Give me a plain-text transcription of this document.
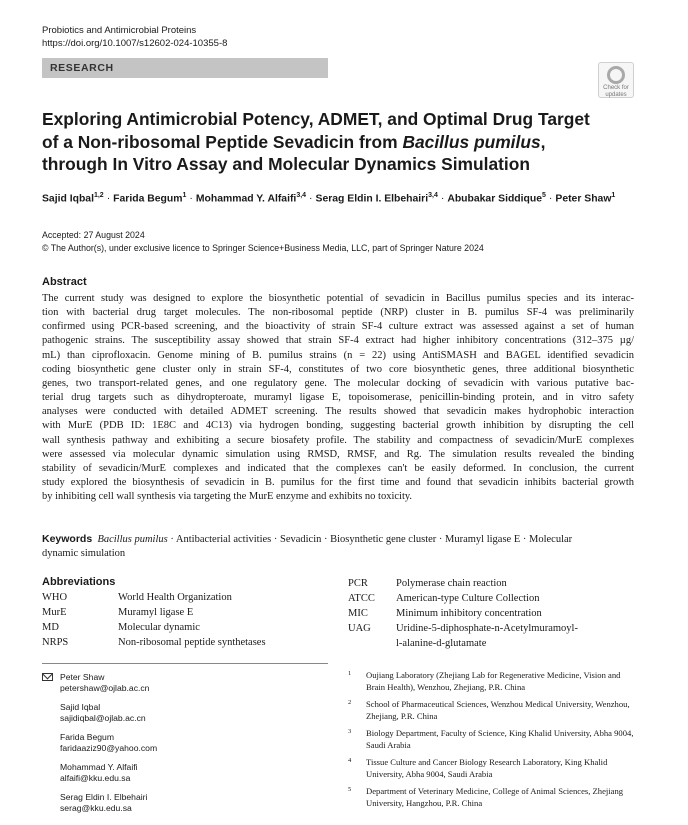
Probiotics and Antimicrobial Proteins
https://doi.org/10.1007/s12602-024-10355-8
RESEARCH
Check for updates
Exploring Antimicrobial Potency, ADMET, and Optimal Drug Target
of a Non-ribosomal Peptide Sevadicin from Bacillus pumilus,
through In Vitro Assay and Molecular Dynamics Simulation
Sajid Iqbal$^{1,2}$ · Farida Begum$^1$ · Mohammad Y. Alfaifi$^{3,4}$ · Serag Eldin I. Elbehairi$^{3,4}$ · Abubakar Siddique$^5$ · Peter Shaw$^1$
Accepted: 27 August 2024
© The Author(s), under exclusive licence to Springer Science+Business Media, LLC, part of Springer Nature 2024
Abstract
The current study was designed to explore the biosynthetic potential of sevadicin in Bacillus pumilus species and its interac-
tion with bacterial drug target molecules. The non-ribosomal peptide (NRP) cluster in B. pumilus SF-4 was preliminarily
confirmed using PCR-based screening, and the bioactivity of strain SF-4 culture extract was assessed against a set of human
pathogenic strains. The susceptibility assay showed that strain SF-4 extract had higher inhibitory concentrations (312–375 µg/
mL) than ciprofloxacin. Genome mining of B. pumilus strains (n = 22) using AntiSMASH and BAGEL identified sevadicin
coding biosynthetic gene cluster only in strain SF-4, constitutes of two core biosynthetic genes, three additional biosynthetic
genes, two transport-related genes, and one regulatory gene. The molecular docking of sevadicin with various putative bac-
terial drug targets such as dihydropteroate, muramyl ligase E, topoisomerase, penicillin-binding protein, and in vitro safety
analyses were conducted with detailed ADMET screening. The results showed that sevadicin makes hydrophobic interaction
with MurE (PDB ID: 1E8C and 4C13) via hydrogen bonding, suggesting bacterial growth inhibition by disrupting the cell
wall synthesis pathway and exhibiting a secure biosafety profile. The stability and compactness of sevadicin/MurE complexes
were assessed via molecular dynamic simulation using RMSD, RMSF, and Rg. The simulation results revealed the binding
stability of sevadicin/MurE complexes and indicated that the complexes can't be easily deformed. In conclusion, the current
study explored the biosynthesis of sevadicin in B. pumilus for the first time and found that sevadicin inhibits bacterial growth
by inhibiting cell wall synthesis via targeting the MurE enzyme and exhibits no toxicity.
Keywords Bacillus pumilus · Antibacterial activities · Sevadicin · Biosynthetic gene cluster · Muramyl ligase E · Molecular
dynamic simulation
Abbreviations
WHO	World Health Organization
MurE	Muramyl ligase E
MD	Molecular dynamic
NRPS	Non-ribosomal peptide synthetases
PCR	Polymerase chain reaction
ATCC American-type Culture Collection
MIC	Minimum inhibitory concentration
UAG Uridine-5-diphosphate-n-Acetylmuramoyl-
l-alanine-d-glutamate
Peter Shaw
petershaw@ojlab.ac.cn
Sajid Iqbal
sajidiqbal@ojlab.ac.cn
Farida Begum
faridaaziz90@yahoo.com
Mohammad Y. Alfaifi
alfaifi@kku.edu.sa
Serag Eldin I. Elbehairi
serag@kku.edu.sa
1 Oujiang Laboratory (Zhejiang Lab for Regenerative Medicine, Vision and Brain Health), Wenzhou, Zhejiang, P.R. China
2 School of Pharmaceutical Sciences, Wenzhou Medical University, Wenzhou, Zhejiang, P.R. China
3 Biology Department, Faculty of Science, King Khalid University, Abha 9004, Saudi Arabia
4 Tissue Culture and Cancer Biology Research Laboratory, King Khalid University, Abha 9004, Saudi Arabia
5 Department of Veterinary Medicine, College of Animal Sciences, Zhejiang University, Hangzhou, P.R. China
